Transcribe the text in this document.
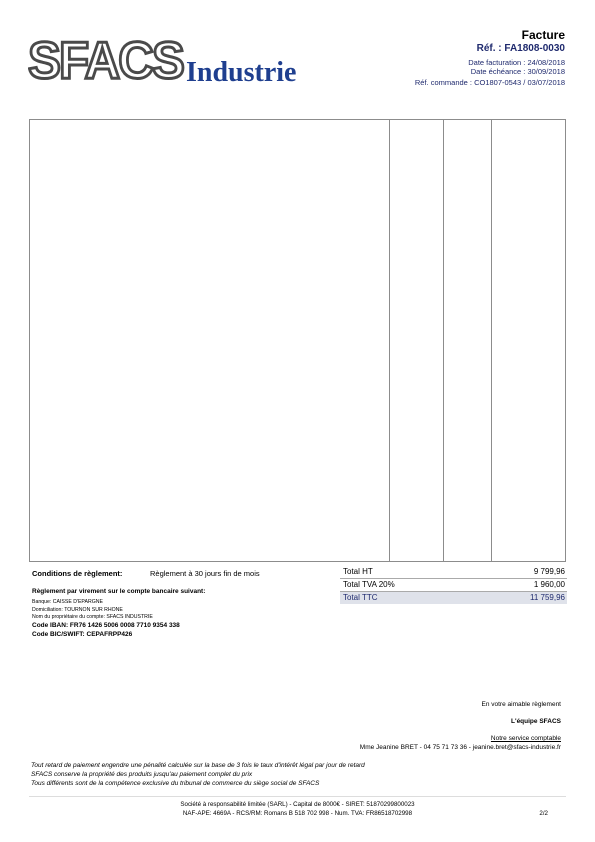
SFACS Industrie
Facture
Réf. : FA1808-0030
Date facturation : 24/08/2018
Date échéance : 30/09/2018
Réf. commande : CO1807-0543 / 03/07/2018
Conditions de règlement:	Règlement à 30 jours fin de mois
Règlement par virement sur le compte bancaire suivant:
Banque: CAISSE D'EPARGNE
Domiciliation: TOURNON SUR RHONE
Nom du propriétaire du compte: SFACS INDUSTRIE
Code IBAN: FR76 1426 5006 0008 7710 9354 338
Code BIC/SWIFT: CEPAFRPP426
Total HT	9 799,96
Total TVA 20%	1 960,00
Total TTC	11 759,96
En votre aimable règlement
L'équipe SFACS
Notre service comptable
Mme Jeanine BRET - 04 75 71 73 36 - jeanine.bret@sfacs-industrie.fr
Tout retard de paiement engendre une pénalité calculée sur la base de 3 fois le taux d'intérêt légal par jour de retard
SFACS conserve la propriété des produits jusqu'au paiement complet du prix
Tous différents sont de la compétence exclusive du tribunal de commerce du siège social de SFACS
Société à responsabilité limitée (SARL) - Capital de 8000€ - SIRET: 51870299800023
NAF-APE: 4669A - RCS/RM: Romans B 518 702 998 - Num. TVA: FR86518702998	2/2
